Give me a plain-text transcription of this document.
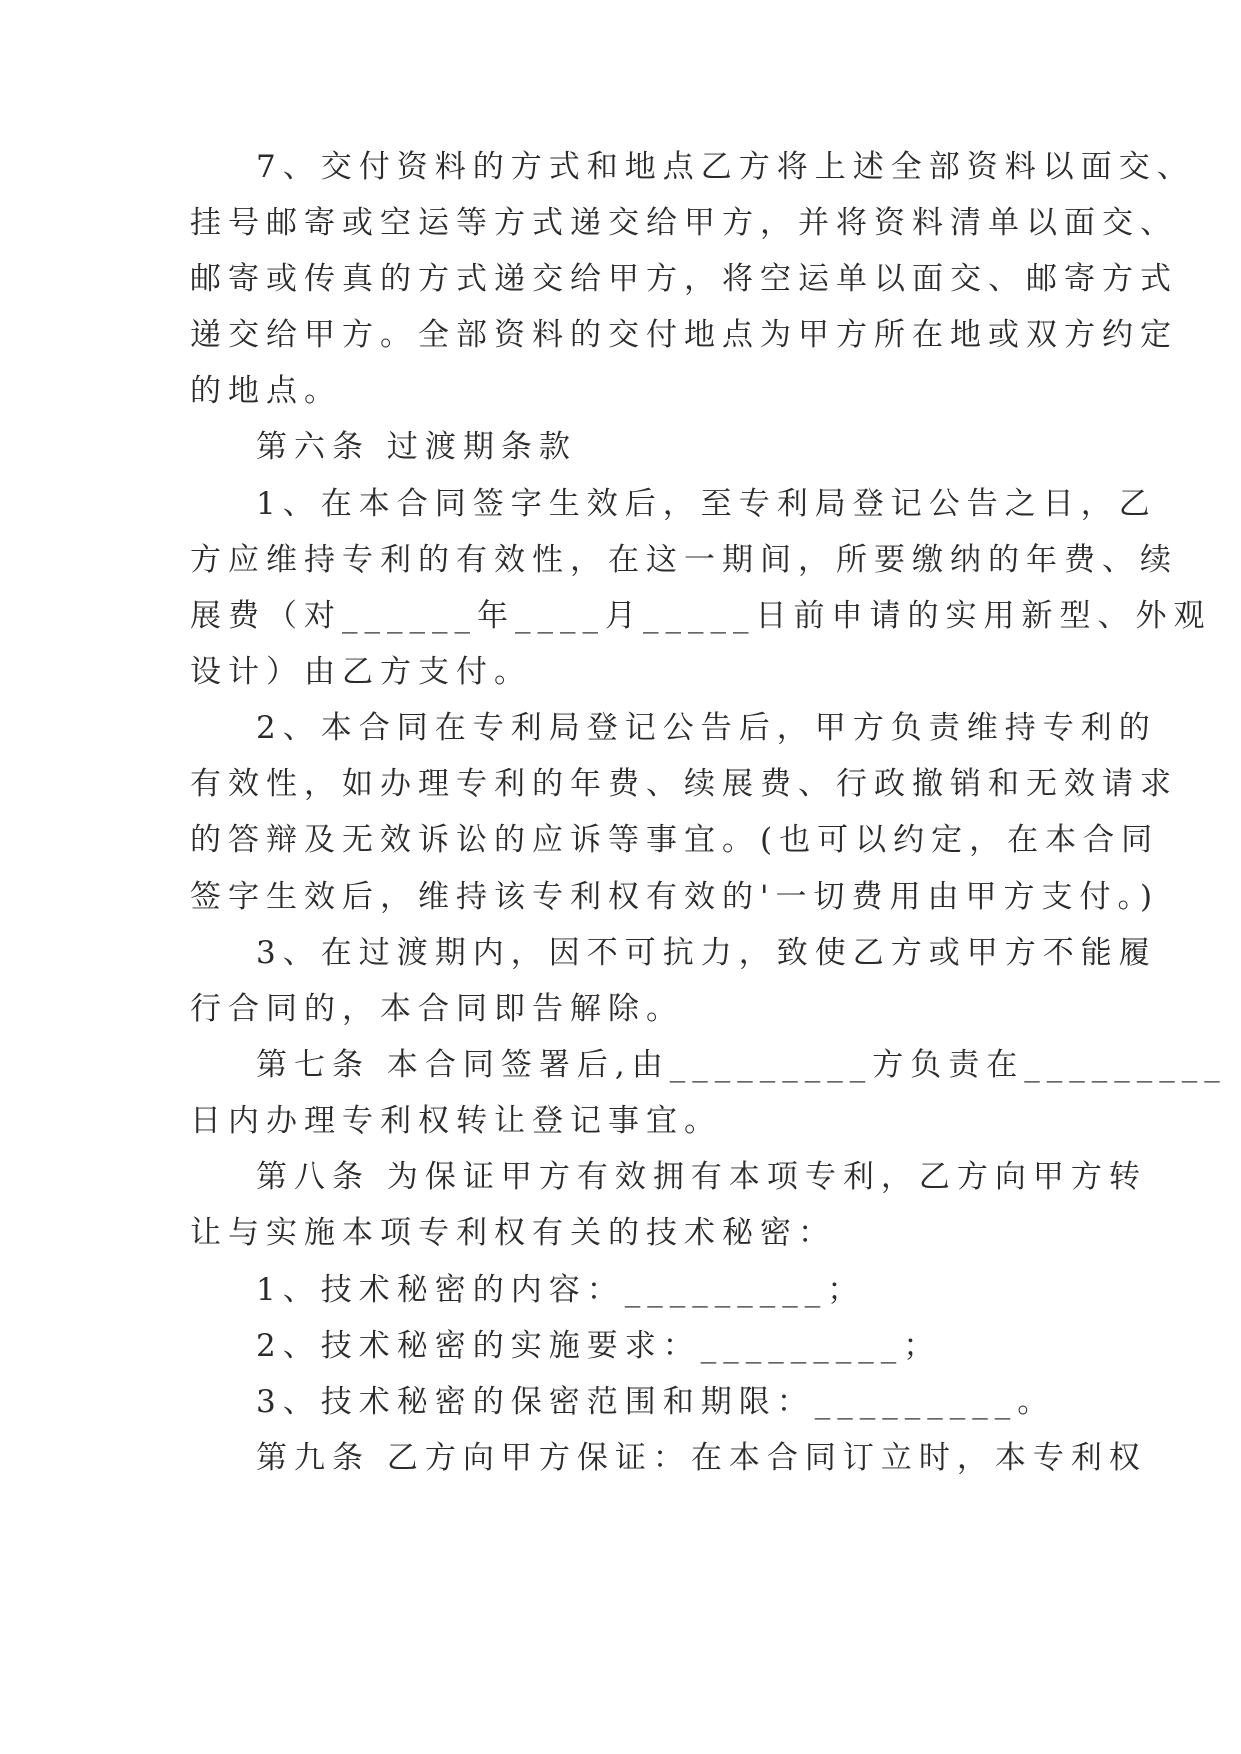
7、交付资料的方式和地点乙方将上述全部资料以面交、
挂号邮寄或空运等方式递交给甲方，并将资料清单以面交、
邮寄或传真的方式递交给甲方，将空运单以面交、邮寄方式
递交给甲方。全部资料的交付地点为甲方所在地或双方约定
的地点。
第六条 过渡期条款
1、在本合同签字生效后，至专利局登记公告之日，乙
方应维持专利的有效性，在这一期间，所要缴纳的年费、续
展费（对______年____月_____日前申请的实用新型、外观
设计）由乙方支付。
2、本合同在专利局登记公告后，甲方负责维持专利的
有效性，如办理专利的年费、续展费、行政撤销和无效请求
的答辩及无效诉讼的应诉等事宜。(也可以约定，在本合同
签字生效后，维持该专利权有效的'一切费用由甲方支付。)
3、在过渡期内，因不可抗力，致使乙方或甲方不能履
行合同的，本合同即告解除。
第七条 本合同签署后,由_________方负责在_________
日内办理专利权转让登记事宜。
第八条 为保证甲方有效拥有本项专利，乙方向甲方转
让与实施本项专利权有关的技术秘密：
1、技术秘密的内容：_________；
2、技术秘密的实施要求：_________；
3、技术秘密的保密范围和期限：_________。
第九条 乙方向甲方保证：在本合同订立时，本专利权
